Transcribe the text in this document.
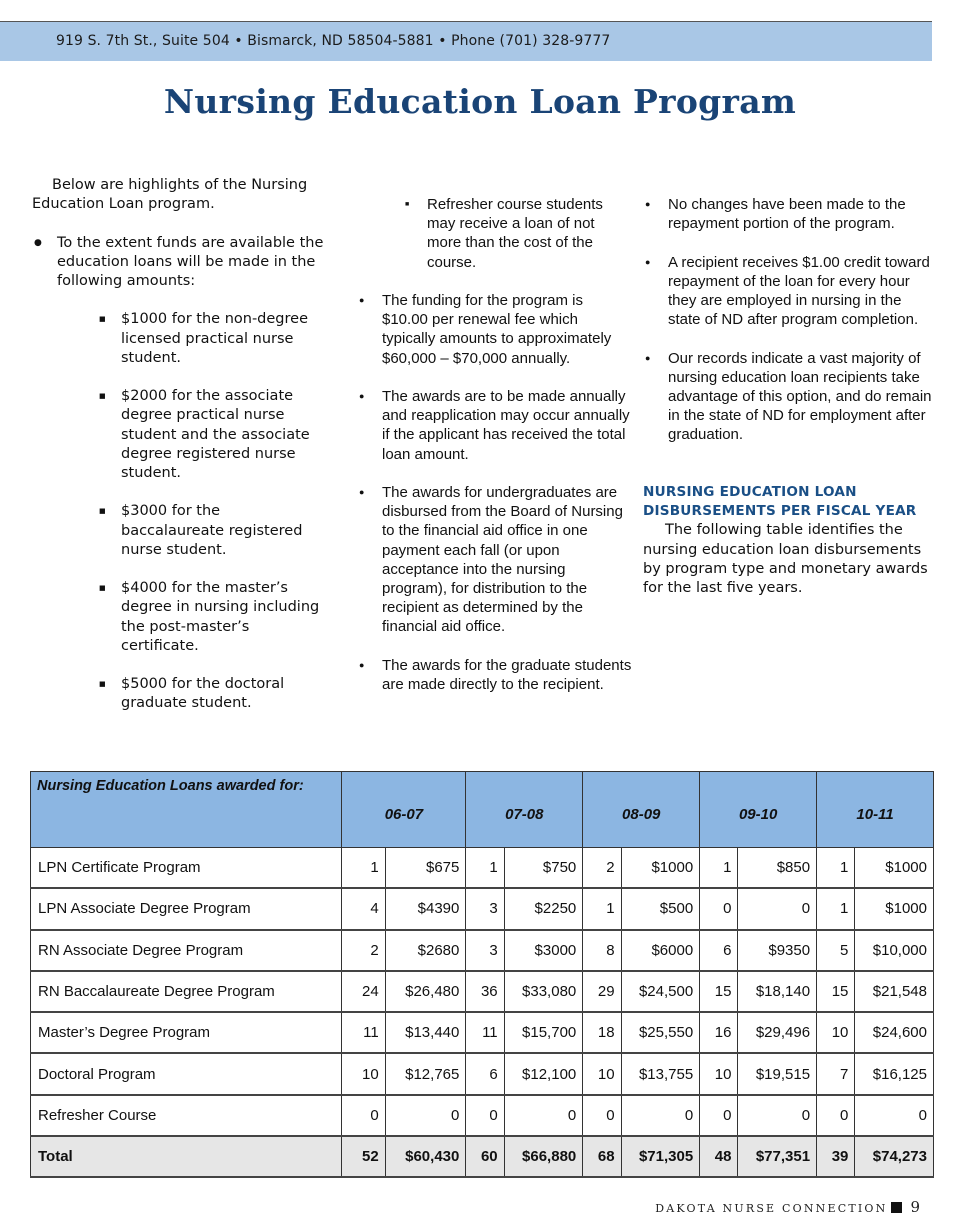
919 S. 7th St., Suite 504 • Bismarck, ND 58504-5881 • Phone (701) 328-9777
Nursing Education Loan Program

Below are highlights of the Nursing Education Loan program.

● To the extent funds are available the education loans will be made in the following amounts:

■ $1000 for the non-degree licensed practical nurse student.

■ $2000 for the associate degree practical nurse student and the associate degree registered nurse student.

■ $3000 for the baccalaureate registered nurse student.

■ $4000 for the master’s degree in nursing including the post-master’s certificate.

■ $5000 for the doctoral graduate student.

■ Refresher course students may receive a loan of not more than the cost of the course.

● The funding for the program is $10.00 per renewal fee which typically amounts to approximately $60,000 – $70,000 annually.

● The awards are to be made annually and reapplication may occur annually if the applicant has received the total loan amount.

● The awards for undergraduates are disbursed from the Board of Nursing to the financial aid office in one payment each fall (or upon acceptance into the nursing program), for distribution to the recipient as determined by the financial aid office.

● The awards for the graduate students are made directly to the recipient.

● No changes have been made to the repayment portion of the program.

● A recipient receives $1.00 credit toward repayment of the loan for every hour they are employed in nursing in the state of ND after program completion.

● Our records indicate a vast majority of nursing education loan recipients take advantage of this option, and do remain in the state of ND for employment after graduation.

NURSING EDUCATION LOAN DISBURSEMENTS PER FISCAL YEAR

The following table identifies the nursing education loan disbursements by program type and monetary awards for the last five years.

Nursing Education Loans awarded for:	06-07		07-08		08-09		09-10		10-11	
LPN Certificate Program	1	$675	1	$750	2	$1000	1	$850	1	$1000
LPN Associate Degree Program	4	$4390	3	$2250	1	$500	0	0	1	$1000
RN Associate Degree Program	2	$2680	3	$3000	8	$6000	6	$9350	5	$10,000
RN Baccalaureate Degree Program	24	$26,480	36	$33,080	29	$24,500	15	$18,140	15	$21,548
Master’s Degree Program	11	$13,440	11	$15,700	18	$25,550	16	$29,496	10	$24,600
Doctoral Program	10	$12,765	6	$12,100	10	$13,755	10	$19,515	7	$16,125
Refresher Course	0	0	0	0	0	0	0	0	0	0
Total	52	$60,430	60	$66,880	68	$71,305	48	$77,351	39	$74,273
DAKOTA NURSE CONNECTION 9
